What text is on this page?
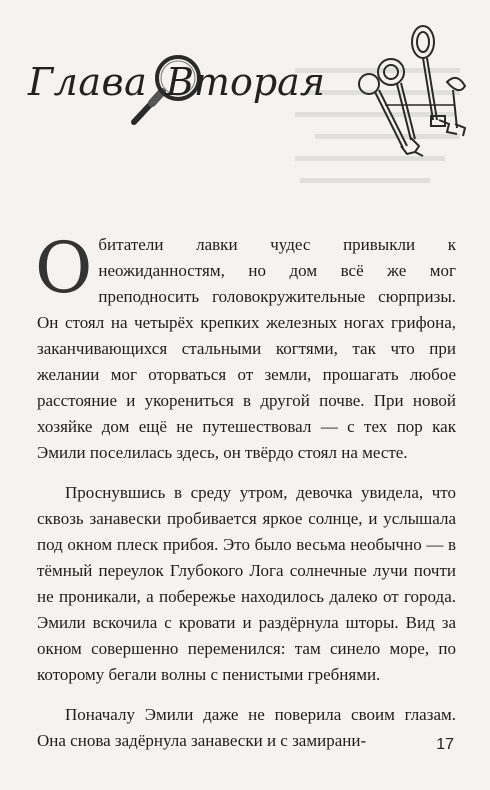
Глава Вторая

Обитатели лавки чудес привыкли к неожиданностям, но дом всё же мог преподносить головокружительные сюрпризы. Он стоял на четырёх крепких железных ногах грифона, заканчивающихся стальными когтями, так что при желании мог оторваться от земли, прошагать любое расстояние и укорениться в другой почве. При новой хозяйке дом ещё не путешествовал — с тех пор как Эмили поселилась здесь, он твёрдо стоял на месте.

Проснувшись в среду утром, девочка увидела, что сквозь занавески пробивается яркое солнце, и услышала под окном плеск прибоя. Это было весьма необычно — в тёмный переулок Глубокого Лога солнечные лучи почти не проникали, а побережье находилось далеко от города. Эмили вскочила с кровати и раздёрнула шторы. Вид за окном совершенно переменился: там синело море, по которому бегали волны с пенистыми гребнями.

Поначалу Эмили даже не поверила своим глазам. Она снова задёрнула занавески и с замирани-	17
